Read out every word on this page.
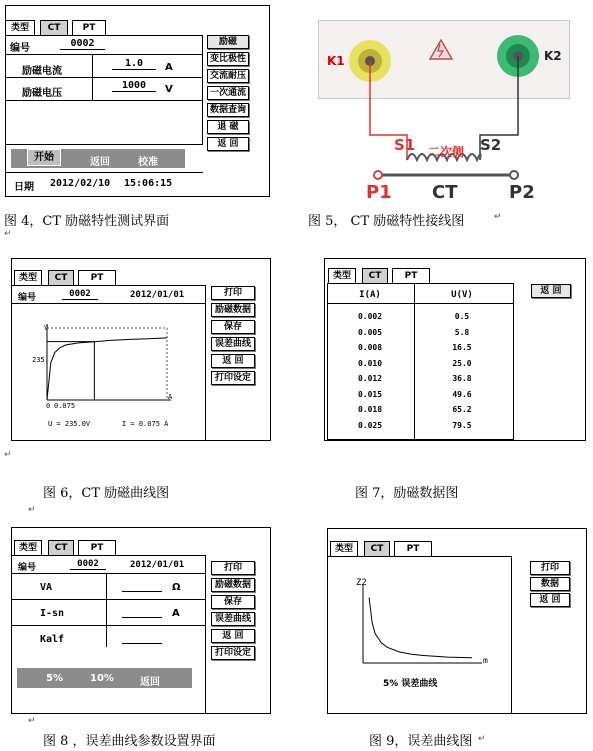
类型	CT	PT
编号	0002
励磁电流
1.0	A
励磁电压
1000	V
开始	返回	校准
日期 2012/02/10 15:06:15
励磁
变比极性
交流耐压
一次通流
数据查询
退 磁
返 回
图 4，CT 励磁特性测试界面
↵
K1	K2
S1 二次侧 S2
P1 CT	P2
图 5， CT 励磁特性接线图	↵
类型	CT	PT
编号	0002	2012/01/01
V
A
235.
0 0.075
U = 235.0V	I = 0.075 A
打印
励磁数据
保存
误差曲线
返 回
打印设定
↵
图 6，CT 励磁曲线图
类型	CT	PT
I(A)	U(V)
0.002	0.5
0.005	5.8
0.008	16.5
0.010	25.0
0.012	36.8
0.015	49.6
0.018	65.2
0.025	79.5
返 回
图 7，励磁数据图
↵
类型	CT	PT
编号	0002	2012/01/01
VA	Ω
I-sn	A
Kalf
5%	10%	返回
打印
励磁数据
保存
误差曲线
返 回
打印设定
↵
图 8 ，误差曲线参数设置界面
类型	CT	PT
Z2
m
5% 误差曲线
打印
数据
返 回
图 9，误差曲线图 ↵
